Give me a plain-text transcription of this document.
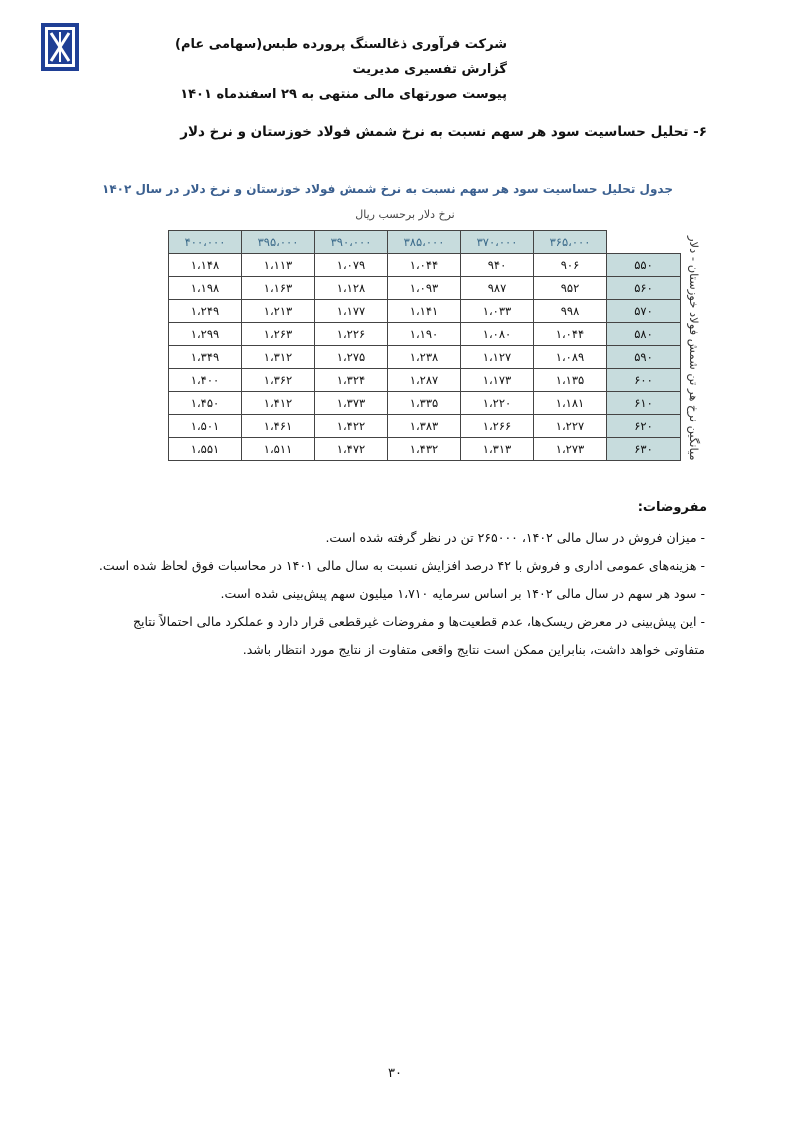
شرکت فرآوری ذغالسنگ پرورده طبس(سهامی عام)
گزارش تفسیری مدیریت
پیوست صورتهای مالی منتهی به ۲۹ اسفندماه ۱۴۰۱
۶- تحلیل حساسیت سود هر سهم نسبت به نرخ شمش فولاد خوزستان و نرخ دلار
جدول تحلیل حساسیت سود هر سهم نسبت به نرخ شمش فولاد خوزستان و نرخ دلار در سال ۱۴۰۲
نرخ دلار برحسب ریال
میانگین نرخ هر تن شمش فولاد خوزستان - دلار
۴۰۰،۰۰۰	۳۹۵،۰۰۰	۳۹۰،۰۰۰	۳۸۵،۰۰۰	۳۷۰،۰۰۰	۳۶۵،۰۰۰	
۱،۱۴۸	۱،۱۱۳	۱،۰۷۹	۱،۰۴۴	۹۴۰	۹۰۶	۵۵۰
۱،۱۹۸	۱،۱۶۳	۱،۱۲۸	۱،۰۹۳	۹۸۷	۹۵۲	۵۶۰
۱،۲۴۹	۱،۲۱۳	۱،۱۷۷	۱،۱۴۱	۱،۰۳۳	۹۹۸	۵۷۰
۱،۲۹۹	۱،۲۶۳	۱،۲۲۶	۱،۱۹۰	۱،۰۸۰	۱،۰۴۴	۵۸۰
۱،۳۴۹	۱،۳۱۲	۱،۲۷۵	۱،۲۳۸	۱،۱۲۷	۱،۰۸۹	۵۹۰
۱،۴۰۰	۱،۳۶۲	۱،۳۲۴	۱،۲۸۷	۱،۱۷۳	۱،۱۳۵	۶۰۰
۱،۴۵۰	۱،۴۱۲	۱،۳۷۳	۱،۳۳۵	۱،۲۲۰	۱،۱۸۱	۶۱۰
۱،۵۰۱	۱،۴۶۱	۱،۴۲۲	۱،۳۸۳	۱،۲۶۶	۱،۲۲۷	۶۲۰
۱،۵۵۱	۱،۵۱۱	۱،۴۷۲	۱،۴۳۲	۱،۳۱۳	۱،۲۷۳	۶۳۰
مفروضات:

- میزان فروش در سال مالی ۱۴۰۲، ۲۶۵۰۰۰ تن در نظر گرفته شده است.

- هزینه‌های عمومی اداری و فروش با ۴۲ درصد افزایش نسبت به سال مالی ۱۴۰۱ در محاسبات فوق لحاظ شده است.

- سود هر سهم در سال مالی ۱۴۰۲ بر اساس سرمایه ۱،۷۱۰ میلیون سهم پیش‌بینی شده است.

- این پیش‌بینی در معرض ریسک‌ها، عدم قطعیت‌ها و مفروضات غیرقطعی قرار دارد و عملکرد مالی احتمالاً نتایج متفاوتی خواهد داشت، بنابراین ممکن است نتایج واقعی متفاوت از نتایج مورد انتظار باشد.

۳۰
